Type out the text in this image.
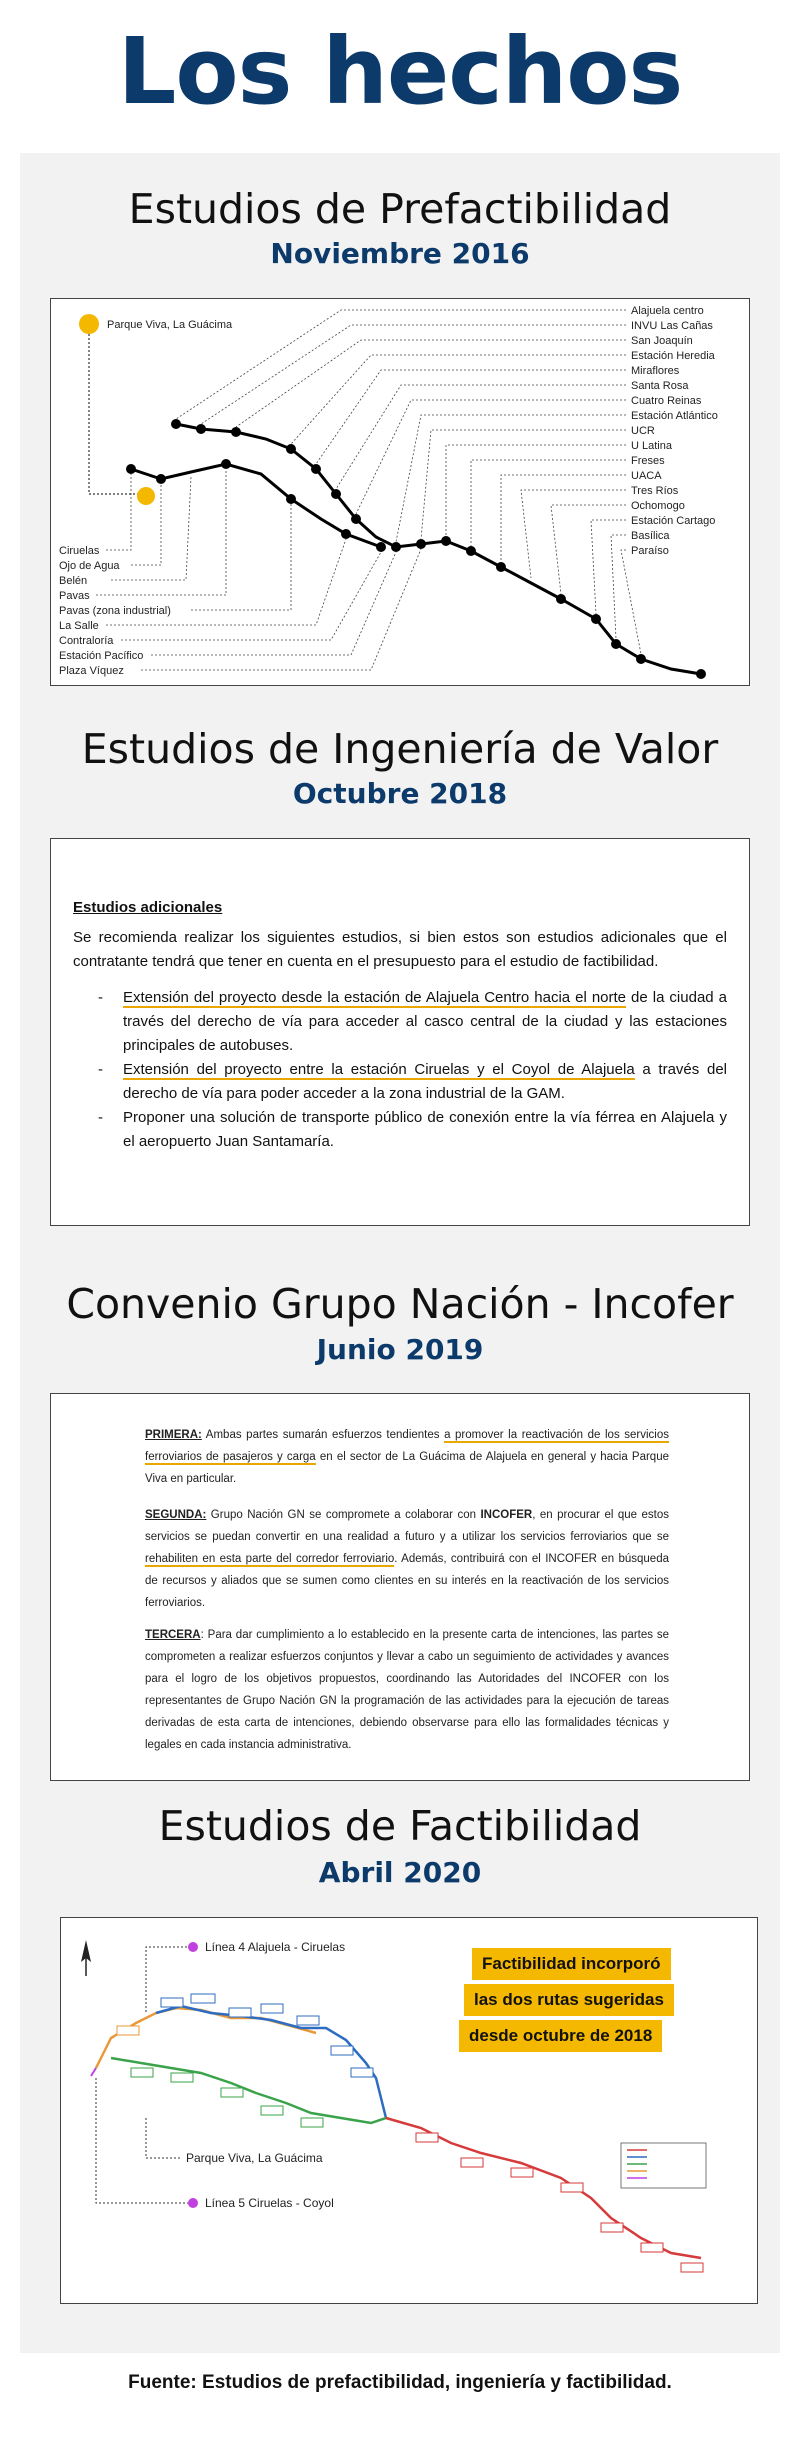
Los hechos
Estudios de Prefactibilidad
Noviembre 2016
Parque Viva, La Guácima
Alajuela centro
INVU Las Cañas
San Joaquín
Estación Heredia
Miraflores
Santa Rosa
Cuatro Reinas
Estación Atlántico
UCR
U Latina
Freses
UACA
Tres Ríos
Ochomogo
Estación Cartago
Basílica
Paraíso
Ciruelas
Ojo de Agua
Belén
Pavas
Pavas (zona industrial)
La Salle
Contraloría
Estación Pacífico
Plaza Víquez
Estudios de Ingeniería de Valor
Octubre 2018
Estudios adicionales
Se recomienda realizar los siguientes estudios, si bien estos son estudios adicionales que el contratante tendrá que tener en cuenta en el presupuesto para el estudio de factibilidad.
- Extensión del proyecto desde la estación de Alajuela Centro hacia el norte de la ciudad a través del derecho de vía para acceder al casco central de la ciudad y las estaciones principales de autobuses.
- Extensión del proyecto entre la estación Ciruelas y el Coyol de Alajuela a través del derecho de vía para poder acceder a la zona industrial de la GAM.
- Proponer una solución de transporte público de conexión entre la vía férrea en Alajuela y el aeropuerto Juan Santamaría.
Convenio Grupo Nación - Incofer
Junio 2019

PRIMERA: Ambas partes sumarán esfuerzos tendientes a promover la reactivación de los servicios ferroviarios de pasajeros y carga en el sector de La Guácima de Alajuela en general y hacia Parque Viva en particular.

SEGUNDA: Grupo Nación GN se compromete a colaborar con INCOFER, en procurar el que estos servicios se puedan convertir en una realidad a futuro y a utilizar los servicios ferroviarios que se rehabiliten en esta parte del corredor ferroviario. Además, contribuirá con el INCOFER en búsqueda de recursos y aliados que se sumen como clientes en su interés en la reactivación de los servicios ferroviarios.

TERCERA: Para dar cumplimiento a lo establecido en la presente carta de intenciones, las partes se comprometen a realizar esfuerzos conjuntos y llevar a cabo un seguimiento de actividades y avances para el logro de los objetivos propuestos, coordinando las Autoridades del INCOFER con los representantes de Grupo Nación GN la programación de las actividades para la ejecución de tareas derivadas de esta carta de intenciones, debiendo observarse para ello las formalidades técnicas y legales en cada instancia administrativa.

Estudios de Factibilidad
Abril 2020
Línea 4 Alajuela - Ciruelas
Parque Viva, La Guácima
Línea 5 Ciruelas - Coyol
Factibilidad incorporó
las dos rutas sugeridas
desde octubre de 2018
Fuente: Estudios de prefactibilidad, ingeniería y factibilidad.
